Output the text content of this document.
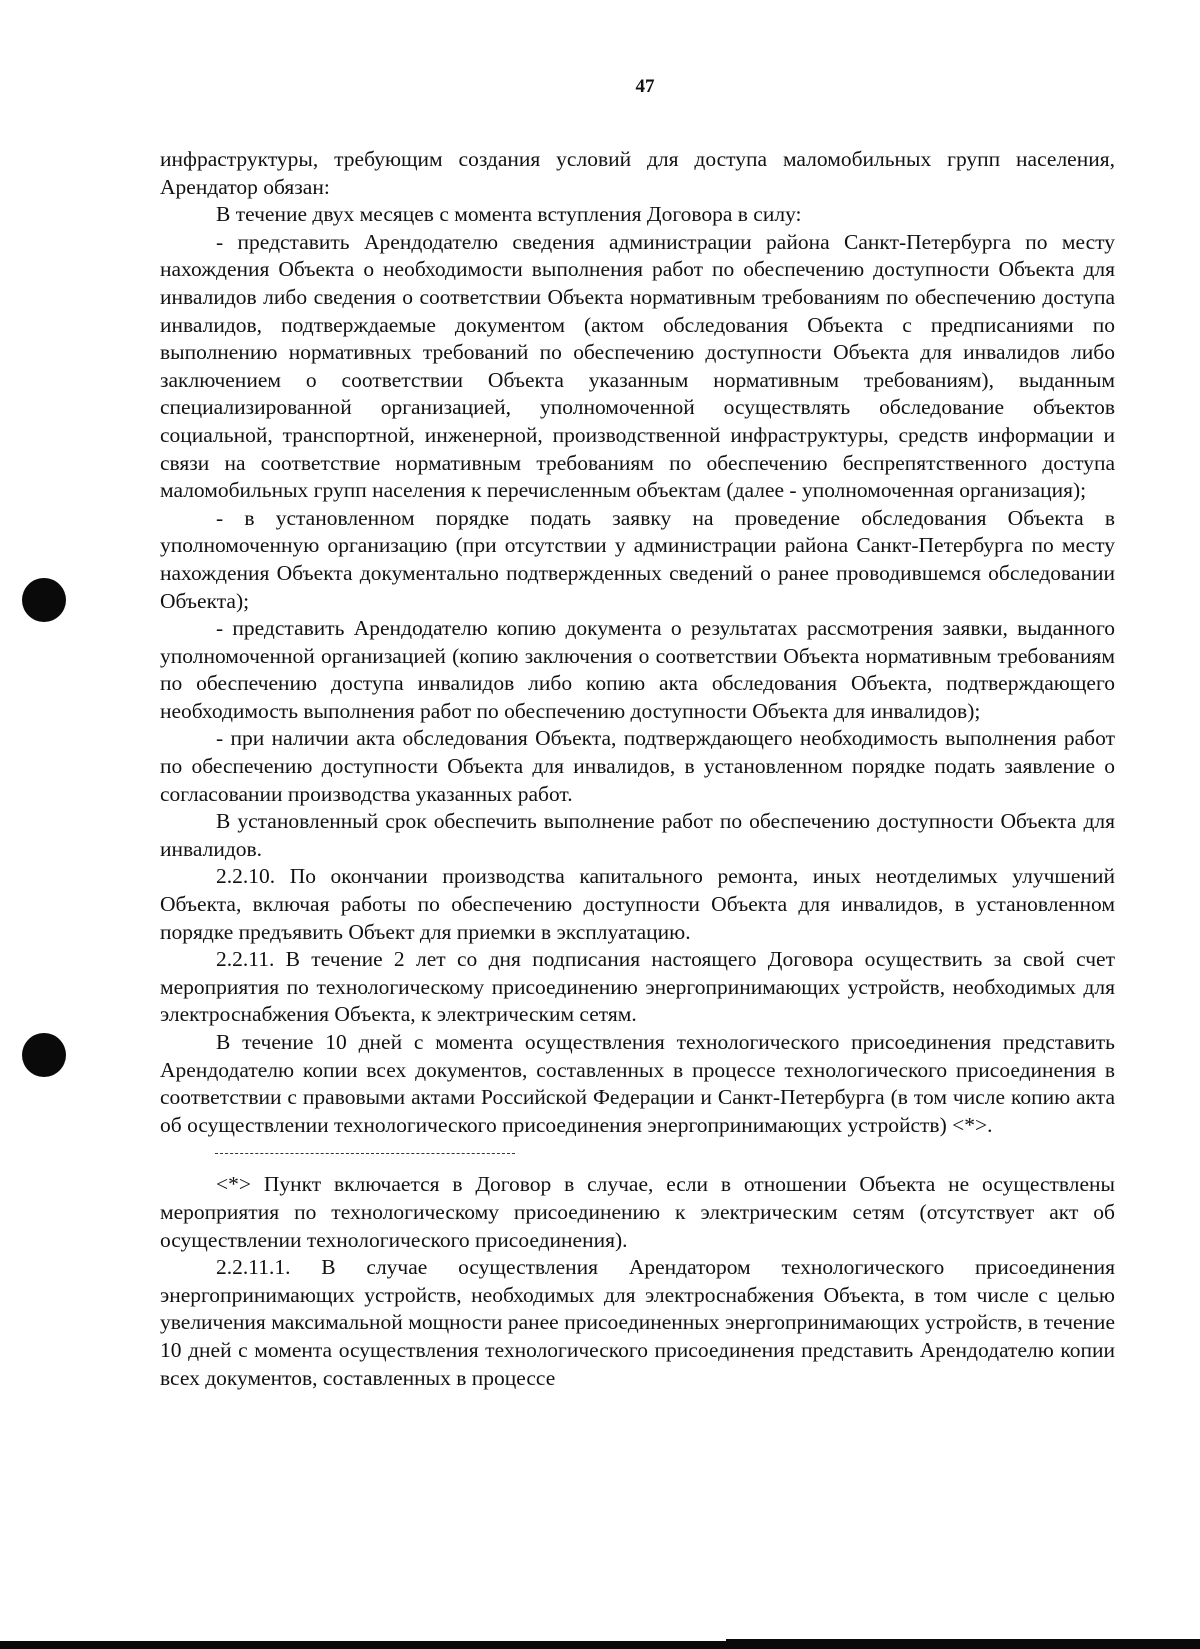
47

инфраструктуры, требующим создания условий для доступа маломобильных групп населения, Арендатор обязан:

В течение двух месяцев с момента вступления Договора в силу:

- представить Арендодателю сведения администрации района Санкт-Петербурга по месту нахождения Объекта о необходимости выполнения работ по обеспечению доступности Объекта для инвалидов либо сведения о соответствии Объекта нормативным требованиям по обеспечению доступа инвалидов, подтверждаемые документом (актом обследования Объекта с предписаниями по выполнению нормативных требований по обеспечению доступности Объекта для инвалидов либо заключением о соответствии Объекта указанным нормативным требованиям), выданным специализированной организацией, уполномоченной осуществлять обследование объектов социальной, транспортной, инженерной, производственной инфраструктуры, средств информации и связи на соответствие нормативным требованиям по обеспечению беспрепятственного доступа маломобильных групп населения к перечисленным объектам (далее - уполномоченная организация);

- в установленном порядке подать заявку на проведение обследования Объекта в уполномоченную организацию (при отсутствии у администрации района Санкт-Петербурга по месту нахождения Объекта документально подтвержденных сведений о ранее проводившемся обследовании Объекта);

- представить Арендодателю копию документа о результатах рассмотрения заявки, выданного уполномоченной организацией (копию заключения о соответствии Объекта нормативным требованиям по обеспечению доступа инвалидов либо копию акта обследования Объекта, подтверждающего необходимость выполнения работ по обеспечению доступности Объекта для инвалидов);

- при наличии акта обследования Объекта, подтверждающего необходимость выполнения работ по обеспечению доступности Объекта для инвалидов, в установленном порядке подать заявление о согласовании производства указанных работ.

В установленный срок обеспечить выполнение работ по обеспечению доступности Объекта для инвалидов.

2.2.10. По окончании производства капитального ремонта, иных неотделимых улучшений Объекта, включая работы по обеспечению доступности Объекта для инвалидов, в установленном порядке предъявить Объект для приемки в эксплуатацию.

2.2.11. В течение 2 лет со дня подписания настоящего Договора осуществить за свой счет мероприятия по технологическому присоединению энергопринимающих устройств, необходимых для электроснабжения Объекта, к электрическим сетям.

В течение 10 дней с момента осуществления технологического присоединения представить Арендодателю копии всех документов, составленных в процессе технологического присоединения в соответствии с правовыми актами Российской Федерации и Санкт-Петербурга (в том числе копию акта об осуществлении технологического присоединения энергопринимающих устройств) <*>.

<*> Пункт включается в Договор в случае, если в отношении Объекта не осуществлены мероприятия по технологическому присоединению к электрическим сетям (отсутствует акт об осуществлении технологического присоединения).

2.2.11.1. В случае осуществления Арендатором технологического присоединения энергопринимающих устройств, необходимых для электроснабжения Объекта, в том числе с целью увеличения максимальной мощности ранее присоединенных энергопринимающих устройств, в течение 10 дней с момента осуществления технологического присоединения представить Арендодателю копии всех документов, составленных в процессе
